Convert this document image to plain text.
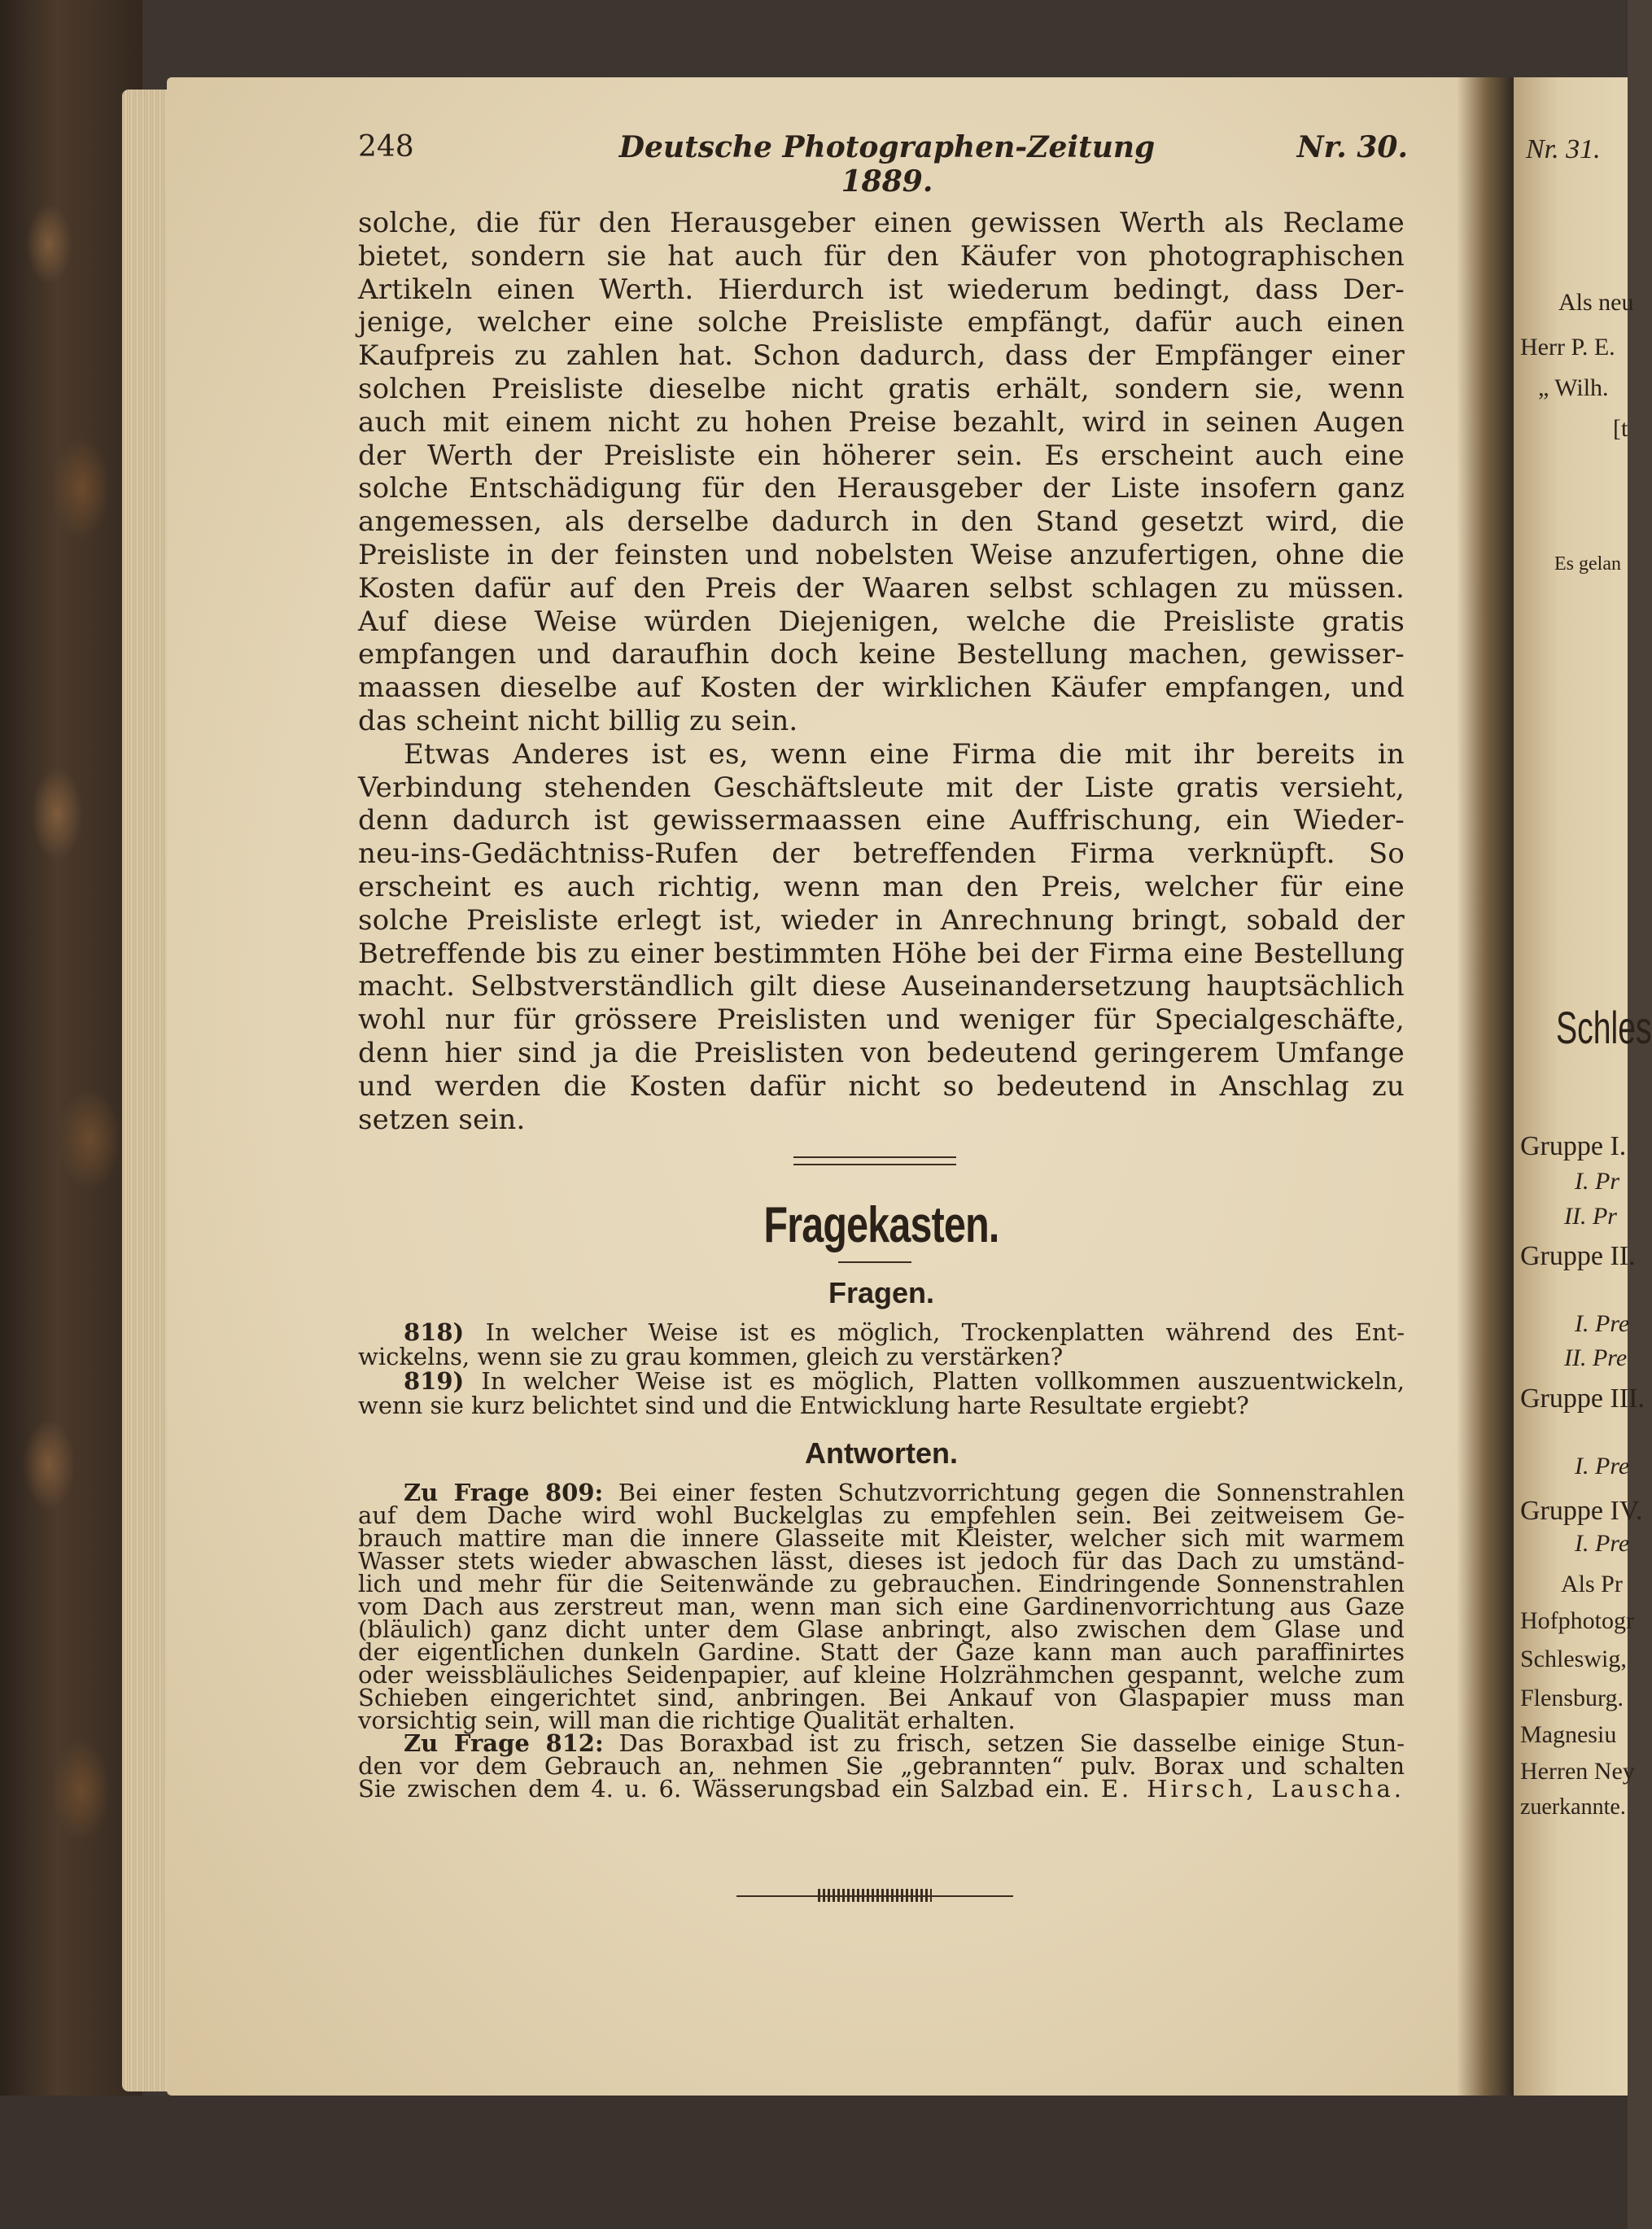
248	Deutsche Photographen-Zeitung 1889.
Nr. 30.
solche, die für den Herausgeber einen gewissen Werth als Reclame
bietet, sondern sie hat auch für den Käufer von photographischen
Artikeln einen Werth. Hierdurch ist wiederum bedingt, dass Der-
jenige, welcher eine solche Preisliste empfängt, dafür auch einen
Kaufpreis zu zahlen hat. Schon dadurch, dass der Empfänger einer
solchen Preisliste dieselbe nicht gratis erhält, sondern sie, wenn
auch mit einem nicht zu hohen Preise bezahlt, wird in seinen Augen
der Werth der Preisliste ein höherer sein. Es erscheint auch eine
solche Entschädigung für den Herausgeber der Liste insofern ganz
angemessen, als derselbe dadurch in den Stand gesetzt wird, die
Preisliste in der feinsten und nobelsten Weise anzufertigen, ohne die
Kosten dafür auf den Preis der Waaren selbst schlagen zu müssen.
Auf diese Weise würden Diejenigen, welche die Preisliste gratis
empfangen und daraufhin doch keine Bestellung machen, gewisser-
maassen dieselbe auf Kosten der wirklichen Käufer empfangen, und
das scheint nicht billig zu sein.
Etwas Anderes ist es, wenn eine Firma die mit ihr bereits in
Verbindung stehenden Geschäftsleute mit der Liste gratis versieht,
denn dadurch ist gewissermaassen eine Auffrischung, ein Wieder-
neu-ins-Gedächtniss-Rufen der betreffenden Firma verknüpft. So
erscheint es auch richtig, wenn man den Preis, welcher für eine
solche Preisliste erlegt ist, wieder in Anrechnung bringt, sobald der
Betreffende bis zu einer bestimmten Höhe bei der Firma eine Bestellung
macht. Selbstverständlich gilt diese Auseinandersetzung hauptsächlich
wohl nur für grössere Preislisten und weniger für Specialgeschäfte,
denn hier sind ja die Preislisten von bedeutend geringerem Umfange
und werden die Kosten dafür nicht so bedeutend in Anschlag zu
setzen sein.
Fragekasten.
Fragen.
818) In welcher Weise ist es möglich, Trockenplatten während des Ent-
wickelns, wenn sie zu grau kommen, gleich zu verstärken?
819) In welcher Weise ist es möglich, Platten vollkommen auszuentwickeln,
wenn sie kurz belichtet sind und die Entwicklung harte Resultate ergiebt?
Antworten.
Zu Frage 809: Bei einer festen Schutzvorrichtung gegen die Sonnenstrahlen
auf dem Dache wird wohl Buckelglas zu empfehlen sein. Bei zeitweisem Ge-
brauch mattire man die innere Glasseite mit Kleister, welcher sich mit warmem
Wasser stets wieder abwaschen lässt, dieses ist jedoch für das Dach zu umständ-
lich und mehr für die Seitenwände zu gebrauchen. Eindringende Sonnenstrahlen
vom Dach aus zerstreut man, wenn man sich eine Gardinenvorrichtung aus Gaze
(bläulich) ganz dicht unter dem Glase anbringt, also zwischen dem Glase und
der eigentlichen dunkeln Gardine. Statt der Gaze kann man auch paraffinirtes
oder weissbläuliches Seidenpapier, auf kleine Holzrähmchen gespannt, welche zum
Schieben eingerichtet sind, anbringen. Bei Ankauf von Glaspapier muss man
vorsichtig sein, will man die richtige Qualität erhalten.
Zu Frage 812: Das Boraxbad ist zu frisch, setzen Sie dasselbe einige Stun-
den vor dem Gebrauch an, nehmen Sie „gebrannten“ pulv. Borax und schalten
Sie zwischen dem 4. u. 6. Wässerungsbad ein Salzbad ein. E. Hirsch, Lauscha.
Nr. 31.
Als neu
Herr P. E.
„ Wilh.
[t
Es gelan
Schles
Gruppe I.
I. Pr
II. Pr
Gruppe II.
I. Pre
II. Pre
Gruppe III.
I. Pre
Gruppe IV.
I. Pre
Als Pr
Hofphotogr
Schleswig,
Flensburg.
Magnesiu
Herren Ney
zuerkannte.
